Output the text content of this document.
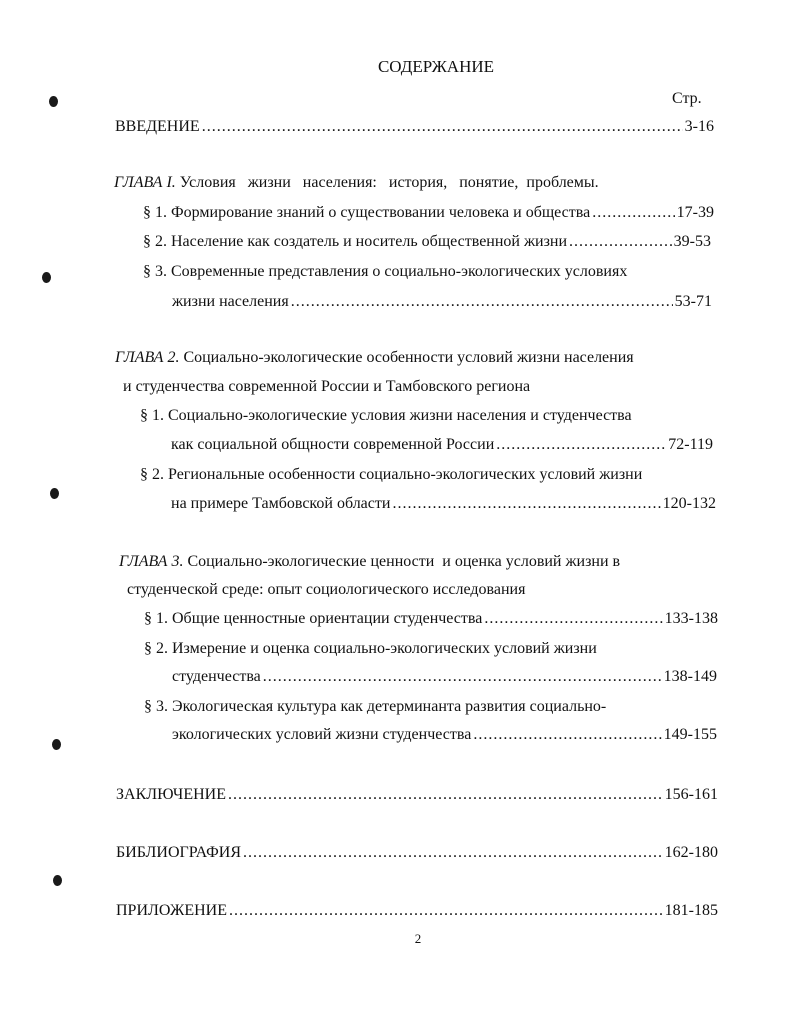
СОДЕРЖАНИЕ
Стр.
ВВЕДЕНИЕ .....	3-16
ГЛАВА I. Условия   жизни   населения:   история,   понятие,  проблемы.
§ 1. Формирование знаний о существовании человека и общества .....	17-39
§ 2. Население как создатель и носитель общественной жизни .....	39-53
§ 3. Современные представления о социально-экологических условиях
жизни населения .....	53-71
ГЛАВА 2. Социально-экологические особенности условий жизни населения
и студенчества современной России и Тамбовского региона
§ 1. Социально-экологические условия жизни населения и студенчества
как социальной общности современной России .....	72-119
§ 2. Региональные особенности социально-экологических условий жизни
на примере Тамбовской области .....	120-132
ГЛАВА 3. Социально-экологические ценности  и оценка условий жизни в
студенческой среде: опыт социологического исследования
§ 1. Общие ценностные ориентации студенчества .....	133-138
§ 2. Измерение и оценка социально-экологических условий жизни
студенчества .....	138-149
§ 3. Экологическая культура как детерминанта развития социально-
экологических условий жизни студенчества .....	149-155
ЗАКЛЮЧЕНИЕ .....	156-161
БИБЛИОГРАФИЯ .....	162-180
ПРИЛОЖЕНИЕ .....	181-185
2
